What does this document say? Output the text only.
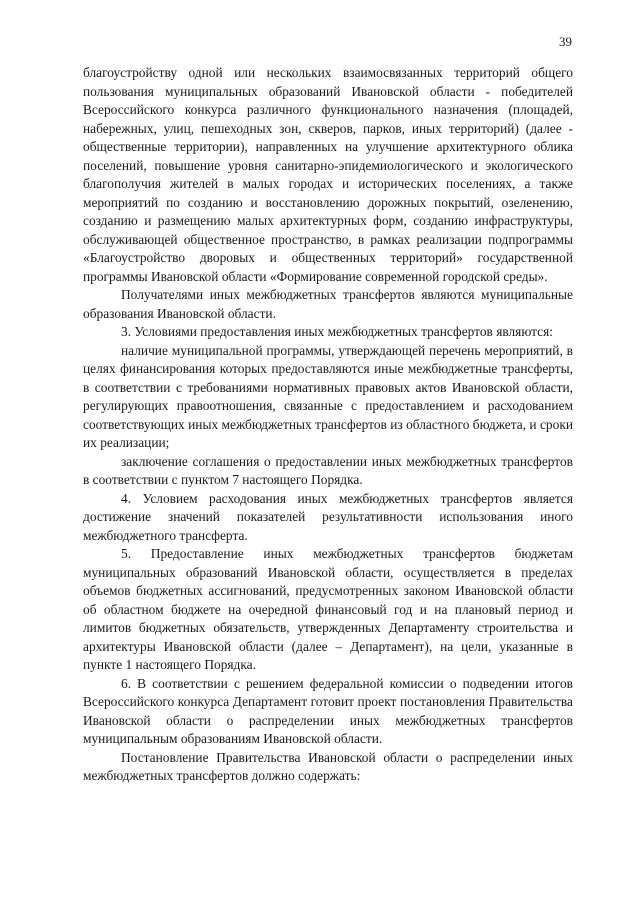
39

благоустройству одной или нескольких взаимосвязанных территорий общего пользования муниципальных образований Ивановской области - победителей Всероссийского конкурса различного функционального назначения (площадей, набережных, улиц, пешеходных зон, скверов, парков, иных территорий) (далее - общественные территории), направленных на улучшение архитектурного облика поселений, повышение уровня санитарно-эпидемиологического и экологического благополучия жителей в малых городах и исторических поселениях, а также мероприятий по созданию и восстановлению дорожных покрытий, озеленению, созданию и размещению малых архитектурных форм, созданию инфраструктуры, обслуживающей общественное пространство, в рамках реализации подпрограммы «Благоустройство дворовых и общественных территорий» государственной программы Ивановской области «Формирование современной городской среды».

Получателями иных межбюджетных трансфертов являются муниципальные образования Ивановской области.

3. Условиями предоставления иных межбюджетных трансфертов являются:

наличие муниципальной программы, утверждающей перечень мероприятий, в целях финансирования которых предоставляются иные межбюджетные трансферты, в соответствии с требованиями нормативных правовых актов Ивановской области, регулирующих правоотношения, связанные с предоставлением и расходованием соответствующих иных межбюджетных трансфертов из областного бюджета, и сроки их реализации;

заключение соглашения о предоставлении иных межбюджетных трансфертов в соответствии с пунктом 7 настоящего Порядка.

4. Условием расходования иных межбюджетных трансфертов является достижение значений показателей результативности использования иного межбюджетного трансферта.

5. Предоставление иных межбюджетных трансфертов бюджетам муниципальных образований Ивановской области, осуществляется в пределах объемов бюджетных ассигнований, предусмотренных законом Ивановской области об областном бюджете на очередной финансовый год и на плановый период и лимитов бюджетных обязательств, утвержденных Департаменту строительства и архитектуры Ивановской области (далее – Департамент), на цели, указанные в пункте 1 настоящего Порядка.

6. В соответствии с решением федеральной комиссии о подведении итогов Всероссийского конкурса Департамент готовит проект постановления Правительства Ивановской области о распределении иных межбюджетных трансфертов муниципальным образованиям Ивановской области.

Постановление Правительства Ивановской области о распределении иных межбюджетных трансфертов должно содержать:
